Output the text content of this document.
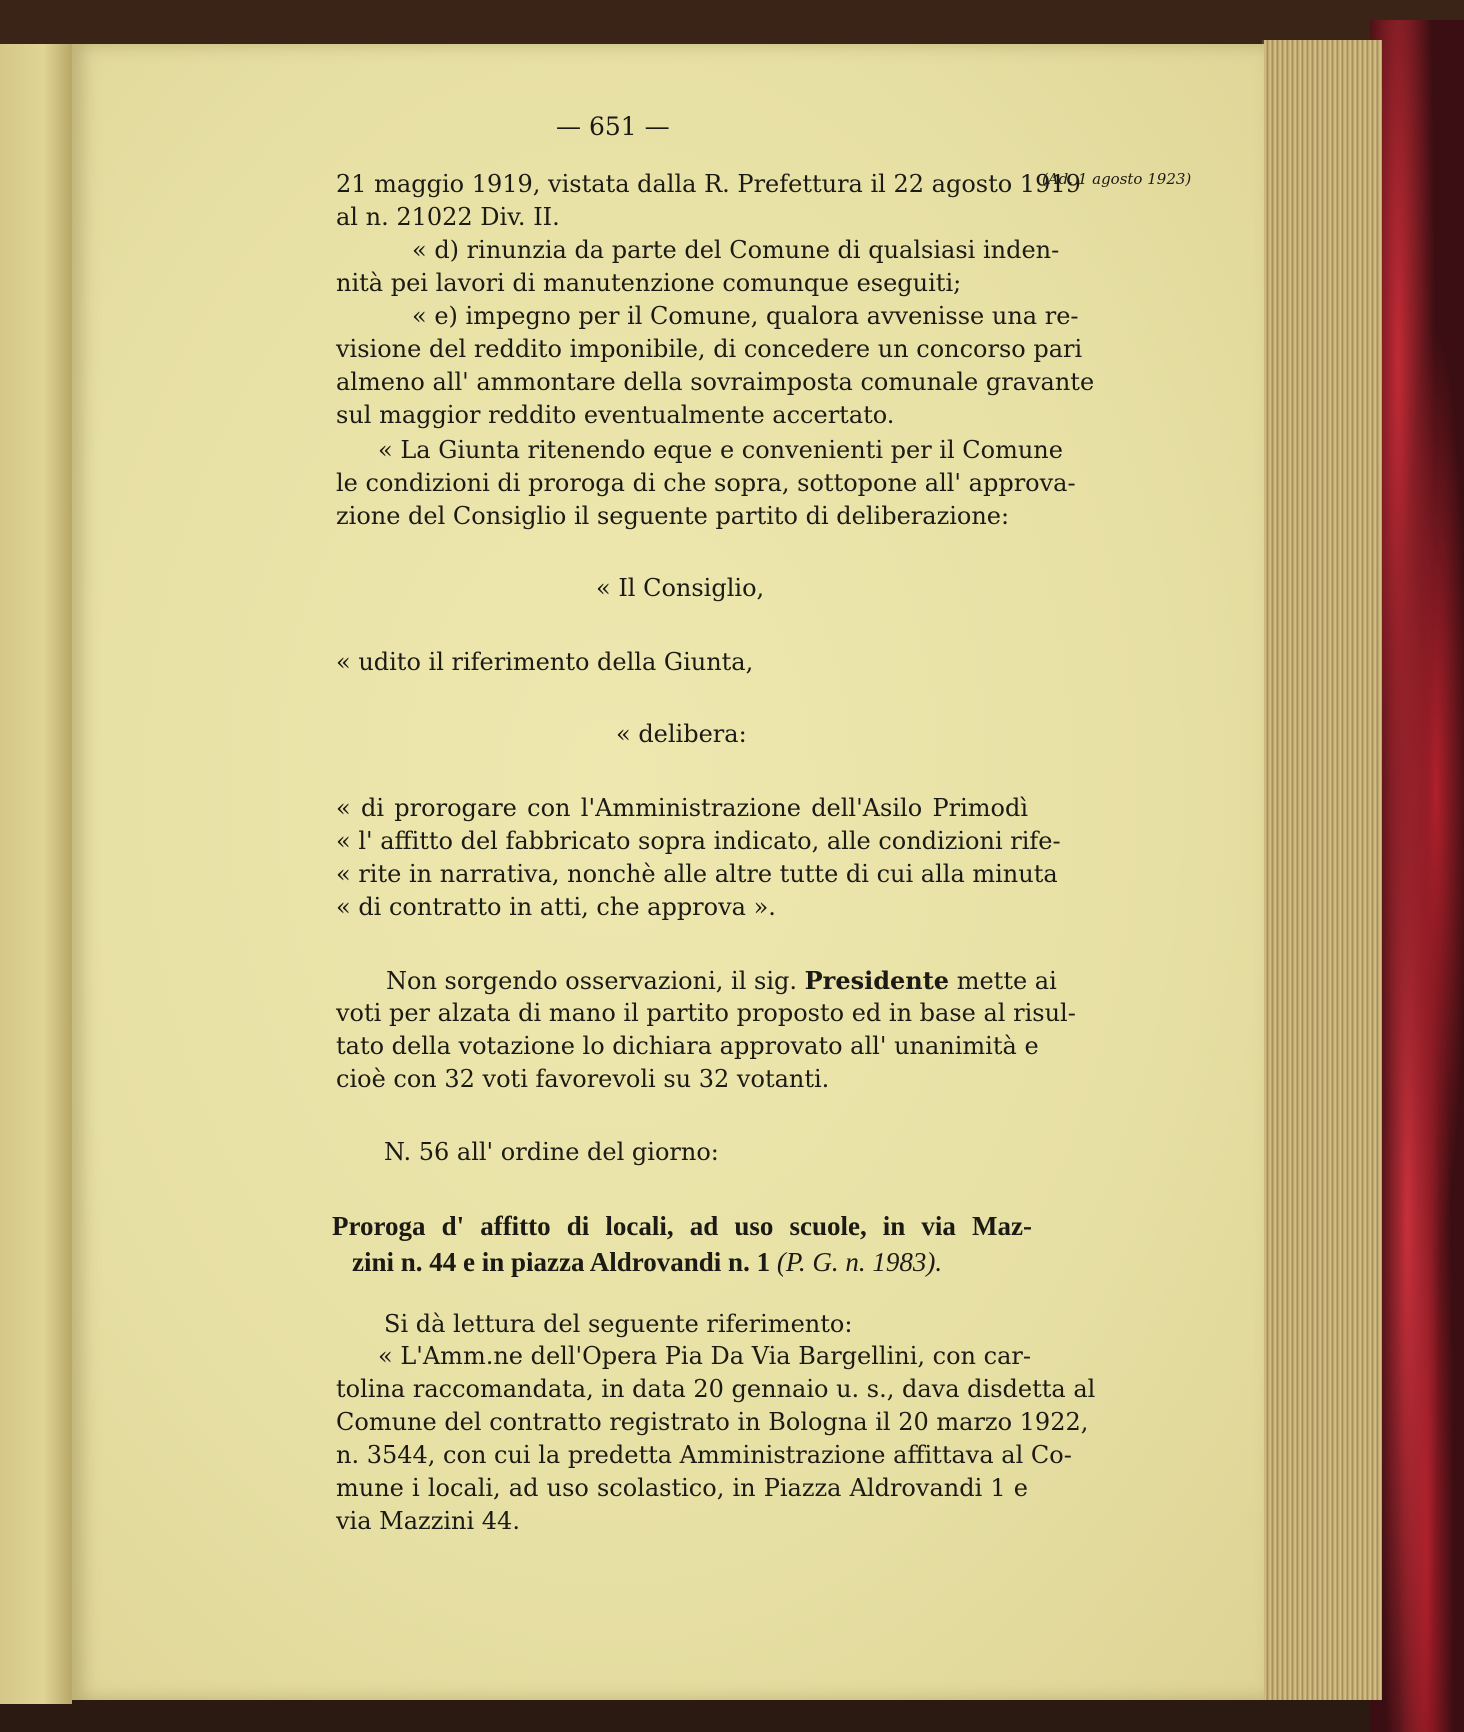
— 651 —
(Ad. 1 agosto 1923)
21 maggio 1919, vistata dalla R. Prefettura il 22 agosto 1919
al n. 21022 Div. II.
« d) rinunzia da parte del Comune di qualsiasi inden-
nità pei lavori di manutenzione comunque eseguiti;
« e) impegno per il Comune, qualora avvenisse una re-
visione del reddito imponibile, di concedere un concorso pari
almeno all' ammontare della sovraimposta comunale gravante
sul maggior reddito eventualmente accertato.
« La Giunta ritenendo eque e convenienti per il Comune
le condizioni di proroga di che sopra, sottopone all' approva-
zione del Consiglio il seguente partito di deliberazione:
« Il Consiglio,
« udito il riferimento della Giunta,
« delibera:
« di prorogare con l'Amministrazione dell'Asilo Primodì
« l' affitto del fabbricato sopra indicato, alle condizioni rife-
« rite in narrativa, nonchè alle altre tutte di cui alla minuta
« di contratto in atti, che approva ».
Non sorgendo osservazioni, il sig. Presidente mette ai
voti per alzata di mano il partito proposto ed in base al risul-
tato della votazione lo dichiara approvato all' unanimità e
cioè con 32 voti favorevoli su 32 votanti.
N. 56 all' ordine del giorno:
Proroga d' affitto di locali, ad uso scuole, in via Maz-
zini n. 44 e in piazza Aldrovandi n. 1 (P. G. n. 1983).
Si dà lettura del seguente riferimento:
« L'Amm.ne dell'Opera Pia Da Via Bargellini, con car-
tolina raccomandata, in data 20 gennaio u. s., dava disdetta al
Comune del contratto registrato in Bologna il 20 marzo 1922,
n. 3544, con cui la predetta Amministrazione affittava al Co-
mune i locali, ad uso scolastico, in Piazza Aldrovandi 1 e
via Mazzini 44.
